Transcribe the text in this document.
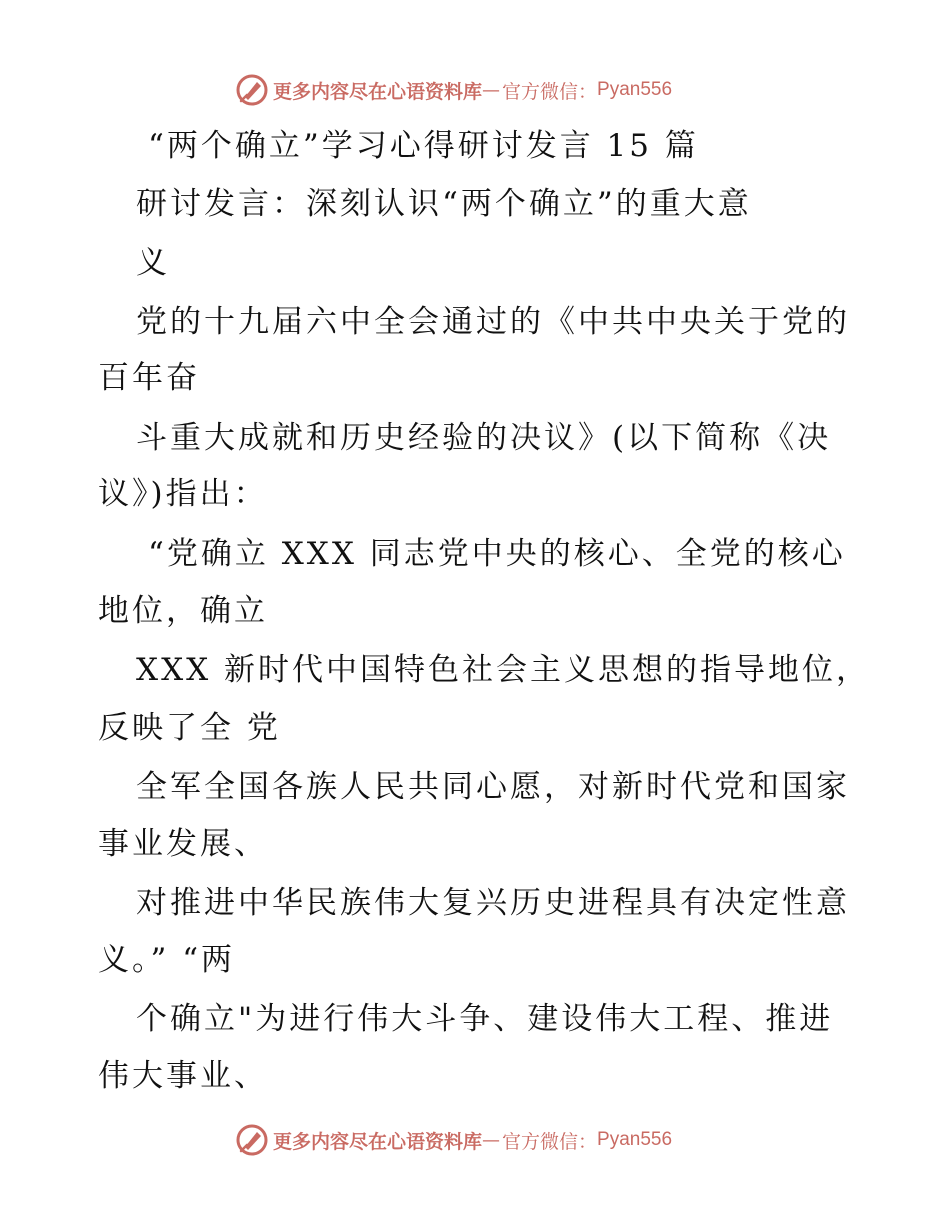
更多内容尽在心语资料库 — 官方微信： Pyan556
“两个确立”学习心得研讨发言 15 篇
研讨发言：深刻认识“两个确立”的重大意
义
党的十九届六中全会通过的《中共中央关于党的
百年奋
斗重大成就和历史经验的决议》(以下简称《决
议》)指出：
“党确立 XXX 同志党中央的核心、全党的核心
地位，确立
XXX 新时代中国特色社会主义思想的指导地位，
反映了全 党
全军全国各族人民共同心愿，对新时代党和国家
事业发展、
对推进中华民族伟大复兴历史进程具有决定性意
义。” “两
个确立"为进行伟大斗争、建设伟大工程、推进
伟大事业、
更多内容尽在心语资料库 — 官方微信： Pyan556
